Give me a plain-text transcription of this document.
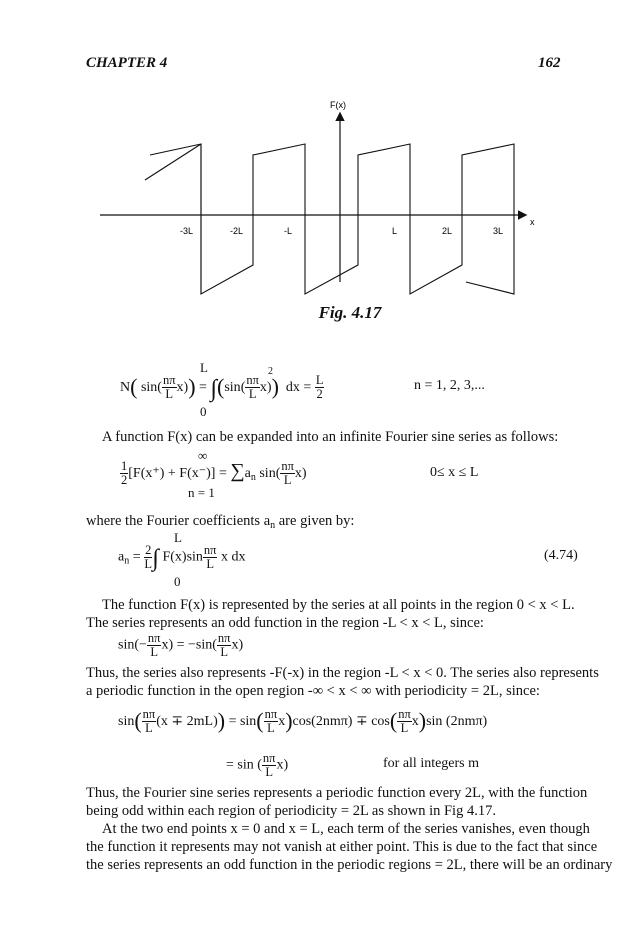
CHAPTER 4	162
F(x)
x
-3L	-2L	-L	L	2L	3L
Fig. 4.17
L
0
2
N( $\sin( \frac{n\pi}{L} x)) = \int(\sin( \frac{n\pi}{L} x))$ dx = $\frac{L}{2}$	n = 1, 2, 3,...
A function F(x) can be expanded into an infinite Fourier sine series as follows:
∞
n = 1
$\frac{1}{2} [F(x^+) + F(x^-)] = \sum a_n$ $\sin( \frac{n\pi}{L} x)$	0≤ x ≤ L
where the Fourier coefficients $a_n$ are given by:
L
0
$a_n = \frac{2}{L}$ ∫ $F(x)\sin \frac{n\pi}{L}$ x dx	(4.74)
The function F(x) is represented by the series at all points in the region 0 < x < L.
The series represents an odd function in the region -L < x < L, since:
$\sin(- \frac{n\pi}{L} x) = -\sin( \frac{n\pi}{L} x)$
Thus, the series also represents -F(-x) in the region -L < x < 0. The series also represents
a periodic function in the open region -∞ < x < ∞ with periodicity = 2L, since:
$\sin( \frac{n\pi}{L} (x \mp 2mL)) = \sin( \frac{n\pi}{L} x)\cos(2nm\pi) \mp \cos( \frac{n\pi}{L} x)\sin$ (2nmπ)
= sin ( $\frac{n\pi}{L} x$)	for all integers m
Thus, the Fourier sine series represents a periodic function every 2L, with the function
being odd within each region of periodicity = 2L as shown in Fig 4.17.
At the two end points x = 0 and x = L, each term of the series vanishes, even though
the function it represents may not vanish at either point. This is due to the fact that since
the series represents an odd function in the periodic regions = 2L, there will be an ordinary
